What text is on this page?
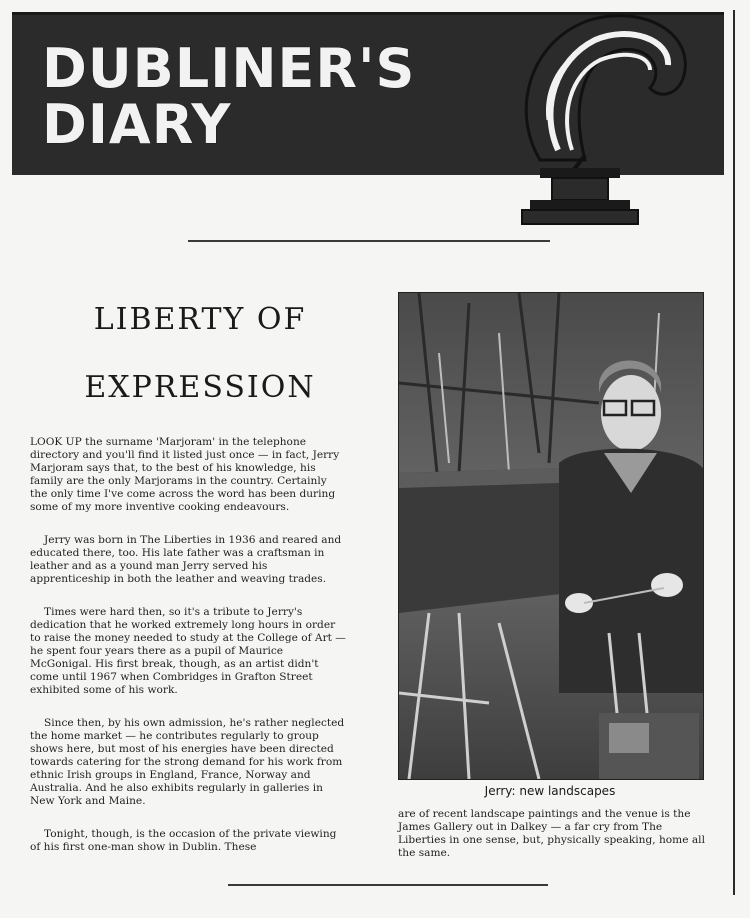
DUBLINER'S
DIARY
LIBERTY OF
EXPRESSION

LOOK UP the surname 'Marjoram' in the telephone directory and you'll find it listed just once — in fact, Jerry Marjoram says that, to the best of his knowledge, his family are the only Marjorams in the country. Certainly the only time I've come across the word has been during some of my more inventive cooking endeavours.

Jerry was born in The Liberties in 1936 and reared and educated there, too. His late father was a craftsman in leather and as a yound man Jerry served his apprenticeship in both the leather and weaving trades.

Times were hard then, so it's a tribute to Jerry's dedication that he worked extremely long hours in order to raise the money needed to study at the College of Art — he spent four years there as a pupil of Maurice McGonigal. His first break, though, as an artist didn't come until 1967 when Combridges in Grafton Street exhibited some of his work.

Since then, by his own admission, he's rather neglected the home market — he contributes regularly to group shows here, but most of his energies have been directed towards catering for the strong demand for his work from ethnic Irish groups in England, France, Norway and Australia. And he also exhibits regularly in galleries in New York and Maine.

Tonight, though, is the occasion of the private viewing of his first one-man show in Dublin. These

Jerry: new landscapes
are of recent landscape paintings and the venue is the James Gallery out in Dalkey — a far cry from The Liberties in one sense, but, physically speaking, home all the same.
